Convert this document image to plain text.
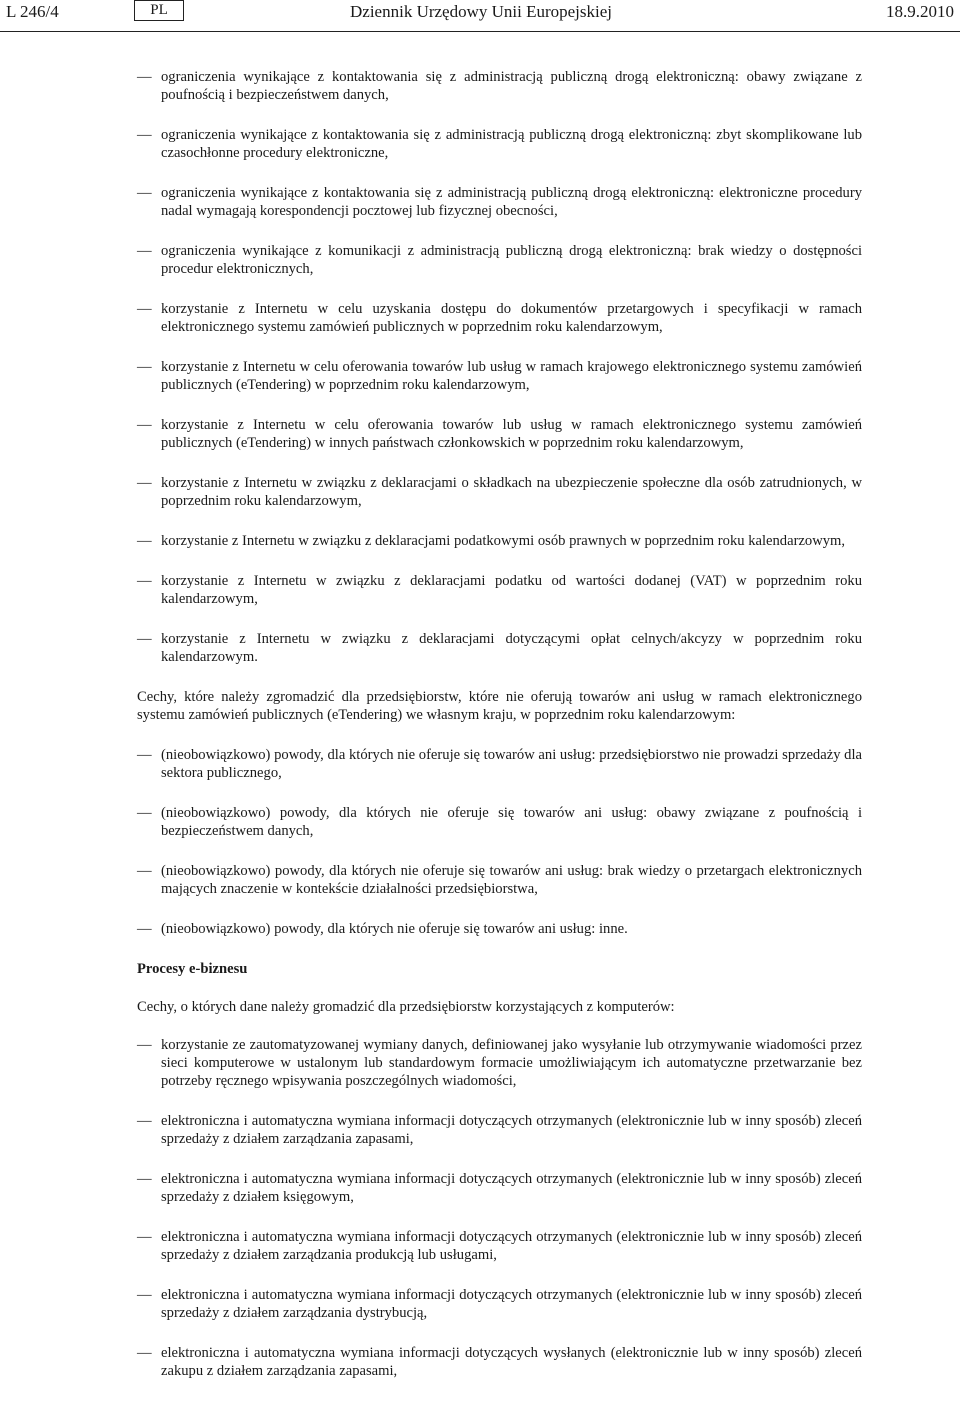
L 246/4	PL	Dziennik Urzędowy Unii Europejskiej	18.9.2010
— ograniczenia wynikające z kontaktowania się z administracją publiczną drogą elektroniczną: obawy związane z poufnością i bezpieczeństwem danych,
— ograniczenia wynikające z kontaktowania się z administracją publiczną drogą elektroniczną: zbyt skomplikowane lub czasochłonne procedury elektroniczne,
— ograniczenia wynikające z kontaktowania się z administracją publiczną drogą elektroniczną: elektroniczne procedury nadal wymagają korespondencji pocztowej lub fizycznej obecności,
— ograniczenia wynikające z komunikacji z administracją publiczną drogą elektroniczną: brak wiedzy o dostępności procedur elektronicznych,
— korzystanie z Internetu w celu uzyskania dostępu do dokumentów przetargowych i specyfikacji w ramach elektronicznego systemu zamówień publicznych w poprzednim roku kalendarzowym,
— korzystanie z Internetu w celu oferowania towarów lub usług w ramach krajowego elektronicznego systemu zamówień publicznych (eTendering) w poprzednim roku kalendarzowym,
— korzystanie z Internetu w celu oferowania towarów lub usług w ramach elektronicznego systemu zamówień publicznych (eTendering) w innych państwach członkowskich w poprzednim roku kalendarzowym,
— korzystanie z Internetu w związku z deklaracjami o składkach na ubezpieczenie społeczne dla osób zatrudnionych, w poprzednim roku kalendarzowym,
— korzystanie z Internetu w związku z deklaracjami podatkowymi osób prawnych w poprzednim roku kalendarzowym,
— korzystanie z Internetu w związku z deklaracjami podatku od wartości dodanej (VAT) w poprzednim roku kalendarzowym,
— korzystanie z Internetu w związku z deklaracjami dotyczącymi opłat celnych/akcyzy w poprzednim roku kalendarzowym.

Cechy, które należy zgromadzić dla przedsiębiorstw, które nie oferują towarów ani usług w ramach elektronicznego systemu zamówień publicznych (eTendering) we własnym kraju, w poprzednim roku kalendarzowym:

— (nieobowiązkowo) powody, dla których nie oferuje się towarów ani usług: przedsiębiorstwo nie prowadzi sprzedaży dla sektora publicznego,
— (nieobowiązkowo) powody, dla których nie oferuje się towarów ani usług: obawy związane z poufnością i bezpieczeństwem danych,
— (nieobowiązkowo) powody, dla których nie oferuje się towarów ani usług: brak wiedzy o przetargach elektronicznych mających znaczenie w kontekście działalności przedsiębiorstwa,
— (nieobowiązkowo) powody, dla których nie oferuje się towarów ani usług: inne.
Procesy e-biznesu

Cechy, o których dane należy gromadzić dla przedsiębiorstw korzystających z komputerów:

— korzystanie ze zautomatyzowanej wymiany danych, definiowanej jako wysyłanie lub otrzymywanie wiadomości przez sieci komputerowe w ustalonym lub standardowym formacie umożliwiającym ich automatyczne przetwarzanie bez potrzeby ręcznego wpisywania poszczególnych wiadomości,
— elektroniczna i automatyczna wymiana informacji dotyczących otrzymanych (elektronicznie lub w inny sposób) zleceń sprzedaży z działem zarządzania zapasami,
— elektroniczna i automatyczna wymiana informacji dotyczących otrzymanych (elektronicznie lub w inny sposób) zleceń sprzedaży z działem księgowym,
— elektroniczna i automatyczna wymiana informacji dotyczących otrzymanych (elektronicznie lub w inny sposób) zleceń sprzedaży z działem zarządzania produkcją lub usługami,
— elektroniczna i automatyczna wymiana informacji dotyczących otrzymanych (elektronicznie lub w inny sposób) zleceń sprzedaży z działem zarządzania dystrybucją,
— elektroniczna i automatyczna wymiana informacji dotyczących wysłanych (elektronicznie lub w inny sposób) zleceń zakupu z działem zarządzania zapasami,
